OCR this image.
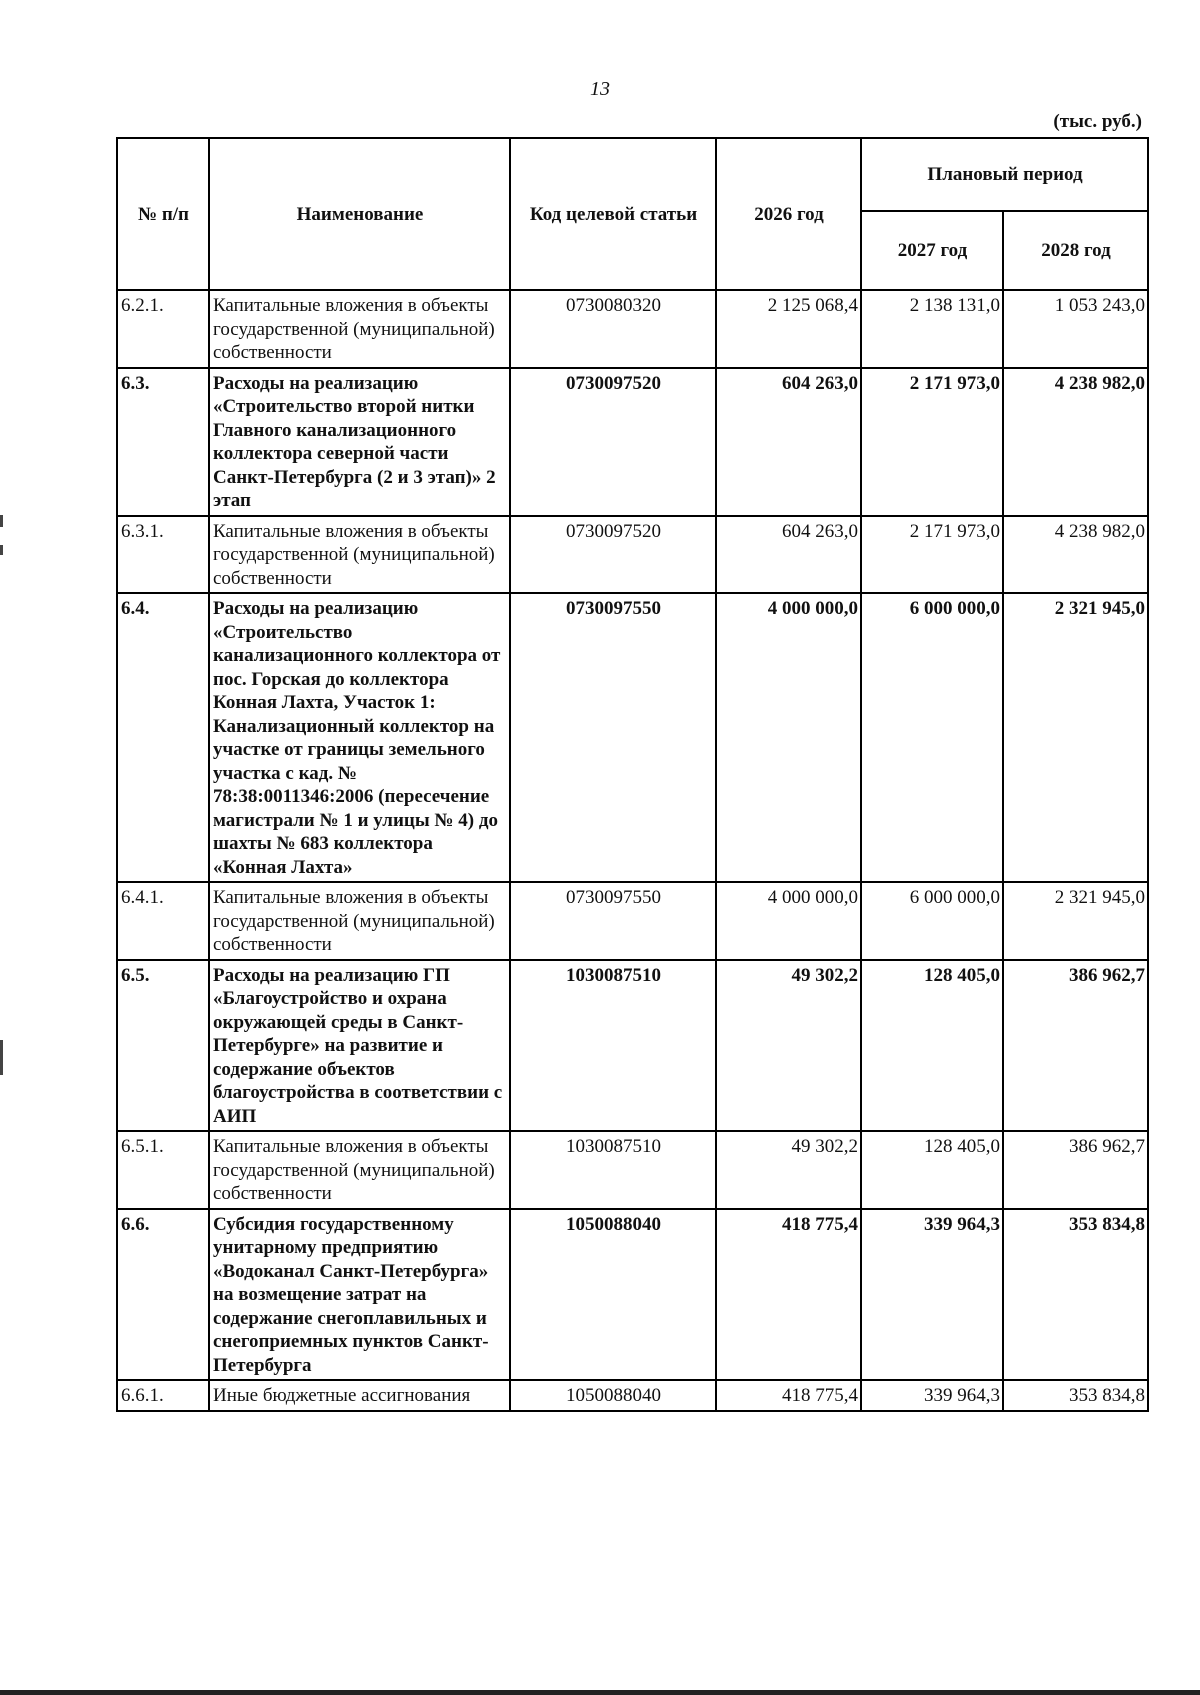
13
(тыс. руб.)
№ п/п	Наименование	Код целевой статьи	2026 год	Плановый период	
				2027 год	2028 год
6.2.1.	Капитальные вложения в объекты государственной (муниципальной) собственности	0730080320	2 125 068,4	2 138 131,0	1 053 243,0
6.3.	Расходы на реализацию «Строительство второй нитки Главного канализационного коллектора северной части Санкт-Петербурга (2 и 3 этап)» 2 этап	0730097520	604 263,0	2 171 973,0	4 238 982,0
6.3.1.	Капитальные вложения в объекты государственной (муниципальной) собственности	0730097520	604 263,0	2 171 973,0	4 238 982,0
6.4.	Расходы на реализацию «Строительство канализационного коллектора от пос. Горская до коллектора Конная Лахта, Участок 1: Канализационный коллектор на участке от границы земельного участка с кад. № 78:38:0011346:2006 (пересечение магистрали № 1 и улицы № 4) до шахты № 683 коллектора «Конная Лахта»	0730097550	4 000 000,0	6 000 000,0	2 321 945,0
6.4.1.	Капитальные вложения в объекты государственной (муниципальной) собственности	0730097550	4 000 000,0	6 000 000,0	2 321 945,0
6.5.	Расходы на реализацию ГП «Благоустройство и охрана окружающей среды в Санкт-Петербурге» на развитие и содержание объектов благоустройства в соответствии с АИП	1030087510	49 302,2	128 405,0	386 962,7
6.5.1.	Капитальные вложения в объекты государственной (муниципальной) собственности	1030087510	49 302,2	128 405,0	386 962,7
6.6.	Субсидия государственному унитарному предприятию «Водоканал Санкт-Петербурга» на возмещение затрат на содержание снегоплавильных и снегоприемных пунктов Санкт-Петербурга	1050088040	418 775,4	339 964,3	353 834,8
6.6.1.	Иные бюджетные ассигнования	1050088040	418 775,4	339 964,3	353 834,8
